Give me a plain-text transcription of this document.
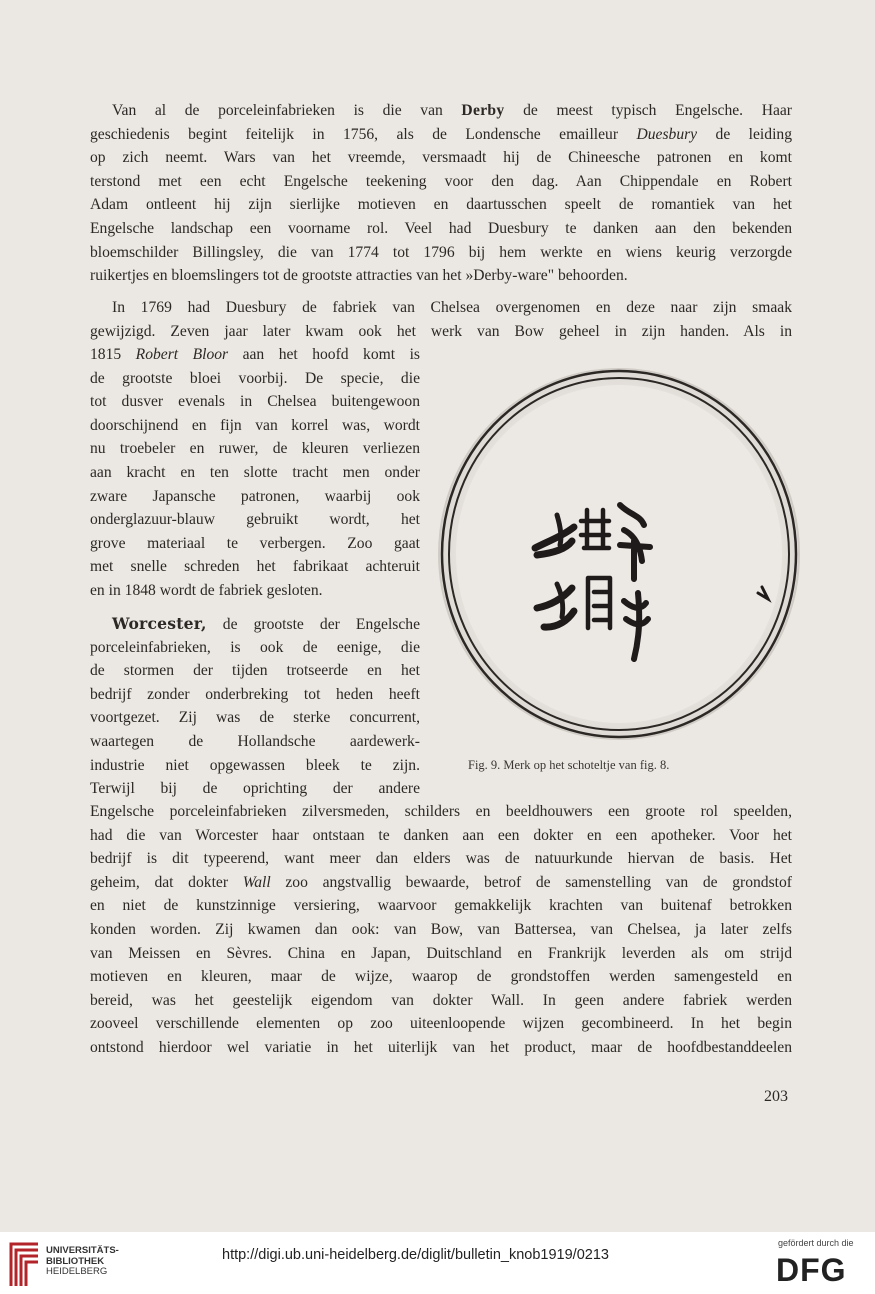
Van al de porceleinfabrieken is die van Derby de meest typisch Engelsche. Haar
geschiedenis begint feitelijk in 1756, als de Londensche emailleur Duesbury de leiding
op zich neemt. Wars van het vreemde, versmaadt hij de Chineesche patronen en komt
terstond met een echt Engelsche teekening voor den dag. Aan Chippendale en Robert
Adam ontleent hij zijn sierlijke motieven en daartusschen speelt de romantiek van het
Engelsche landschap een voorname rol. Veel had Duesbury te danken aan den bekenden
bloemschilder Billingsley, die van 1774 tot 1796 bij hem werkte en wiens keurig verzorgde
ruikertjes en bloemslingers tot de grootste attracties van het »Derby-ware" behoorden.
In 1769 had Duesbury de fabriek van Chelsea overgenomen en deze naar zijn smaak
gewijzigd. Zeven jaar later kwam ook het werk van Bow geheel in zijn handen. Als in
1815 Robert Bloor aan het hoofd komt is
de grootste bloei voorbij. De specie, die
tot dusver evenals in Chelsea buitengewoon
doorschijnend en fijn van korrel was, wordt
nu troebeler en ruwer, de kleuren verliezen
aan kracht en ten slotte tracht men onder
zware Japansche patronen, waarbij ook
onderglazuur-blauw gebruikt wordt, het
grove materiaal te verbergen. Zoo gaat
met snelle schreden het fabrikaat achteruit
en in 1848 wordt de fabriek gesloten.
Worcester, de grootste der Engelsche
porceleinfabrieken, is ook de eenige, die
de stormen der tijden trotseerde en het
bedrijf zonder onderbreking tot heden heeft
voortgezet. Zij was de sterke concurrent,
waartegen de Hollandsche aardewerk-
industrie niet opgewassen bleek te zijn.
Terwijl bij de oprichting der andere
Engelsche porceleinfabrieken zilversmeden, schilders en beeldhouwers een groote rol speelden,
had die van Worcester haar ontstaan te danken aan een dokter en een apotheker. Voor het
bedrijf is dit typeerend, want meer dan elders was de natuurkunde hiervan de basis. Het
geheim, dat dokter Wall zoo angstvallig bewaarde, betrof de samenstelling van de grondstof
en niet de kunstzinnige versiering, waarvoor gemakkelijk krachten van buitenaf betrokken
konden worden. Zij kwamen dan ook: van Bow, van Battersea, van Chelsea, ja later zelfs
van Meissen en Sèvres. China en Japan, Duitschland en Frankrijk leverden als om strijd
motieven en kleuren, maar de wijze, waarop de grondstoffen werden samengesteld en
bereid, was het geestelijk eigendom van dokter Wall. In geen andere fabriek werden
zooveel verschillende elementen op zoo uiteenloopende wijzen gecombineerd. In het begin
ontstond hierdoor wel variatie in het uiterlijk van het product, maar de hoofdbestanddeelen
Fig. 9. Merk op het schoteltje van fig. 8.
203
UNIVERSITÄTS-
BIBLIOTHEK
HEIDELBERG
http://digi.ub.uni-heidelberg.de/diglit/bulletin_knob1919/0213
gefördert durch die
DFG
